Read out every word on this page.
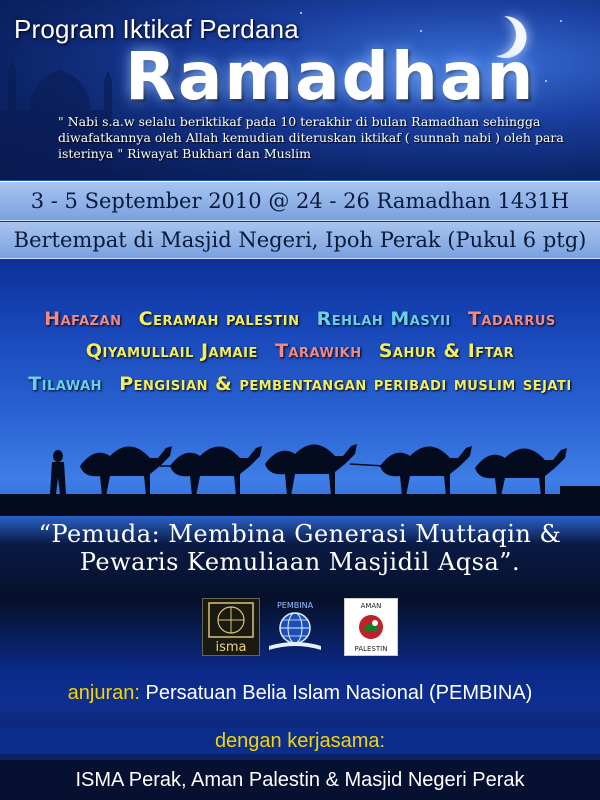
Program Iktikaf Perdana
Ramadhan
" Nabi s.a.w selalu beriktikaf pada 10 terakhir di bulan Ramadhan sehingga diwafatkannya oleh Allah kemudian diteruskan iktikaf ( sunnah nabi ) oleh para isterinya " Riwayat Bukhari dan Muslim
3 - 5 September 2010 @ 24 - 26 Ramadhan 1431H
Bertempat di Masjid Negeri, Ipoh Perak (Pukul 6 ptg)
Hafazan Ceramah palestin Rehlah Masyii Tadarrus
Qiyamullail Jamaie Tarawikh Sahur & Iftar
Tilawah Pengisian & pembentangan peribadi muslim sejati
“Pemuda: Membina Generasi Muttaqin &
Pewaris Kemuliaan Masjidil Aqsa”.
isma
PEMBINA	AMAN
PALESTIN
anjuran: Persatuan Belia Islam Nasional (PEMBINA)
dengan kerjasama:
ISMA Perak, Aman Palestin & Masjid Negeri Perak
